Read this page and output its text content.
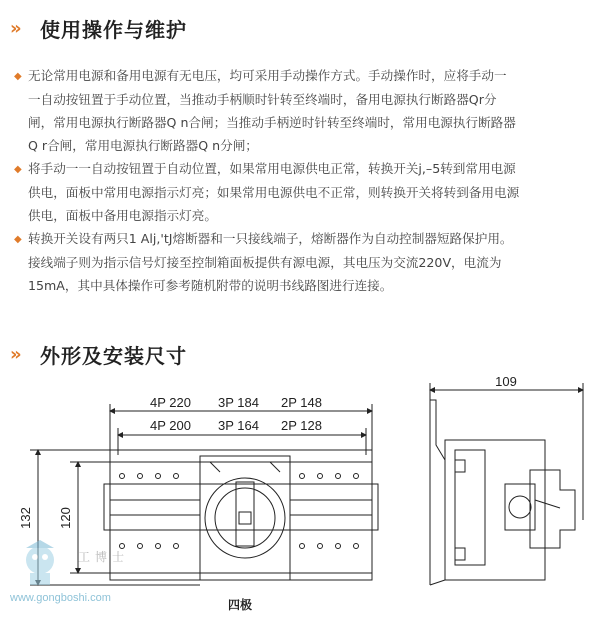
»	使用操作与维护

◆ 无论常用电源和备用电源有无电压，均可采用手动操作方式。手动操作时，应将手动一
一自动按钮置于手动位置，当推动手柄顺时针转至终端时，备用电源执行断路器Qr分
闸，常用电源执行断路器Q n合闸；当推动手柄逆时针转至终端时，常用电源执行断路器
Q r合闸，常用电源执行断路器Q n分闸；

◆ 将手动一一自动按钮置于自动位置，如果常用电源供电正常，转换开关j,–5转到常用电源
供电，面板中常用电源指示灯亮；如果常用电源供电不正常，则转换开关将转到备用电源
供电，面板中备用电源指示灯亮。

◆ 转换开关设有两只1 Alj,'tJ熔断器和一只接线端子，熔断器作为自动控制器短路保护用。
接线端子则为指示信号灯接至控制箱面板提供有源电源，其电压为交流220V，电流为
15mA，其中具体操作可参考随机附带的说明书线路图进行连接。

»	外形及安装尺寸
4P 220 3P 184 2P 148
4P 200 3P 164 2P 128
132 120
109
工博士
www.gongboshi.com	四极
